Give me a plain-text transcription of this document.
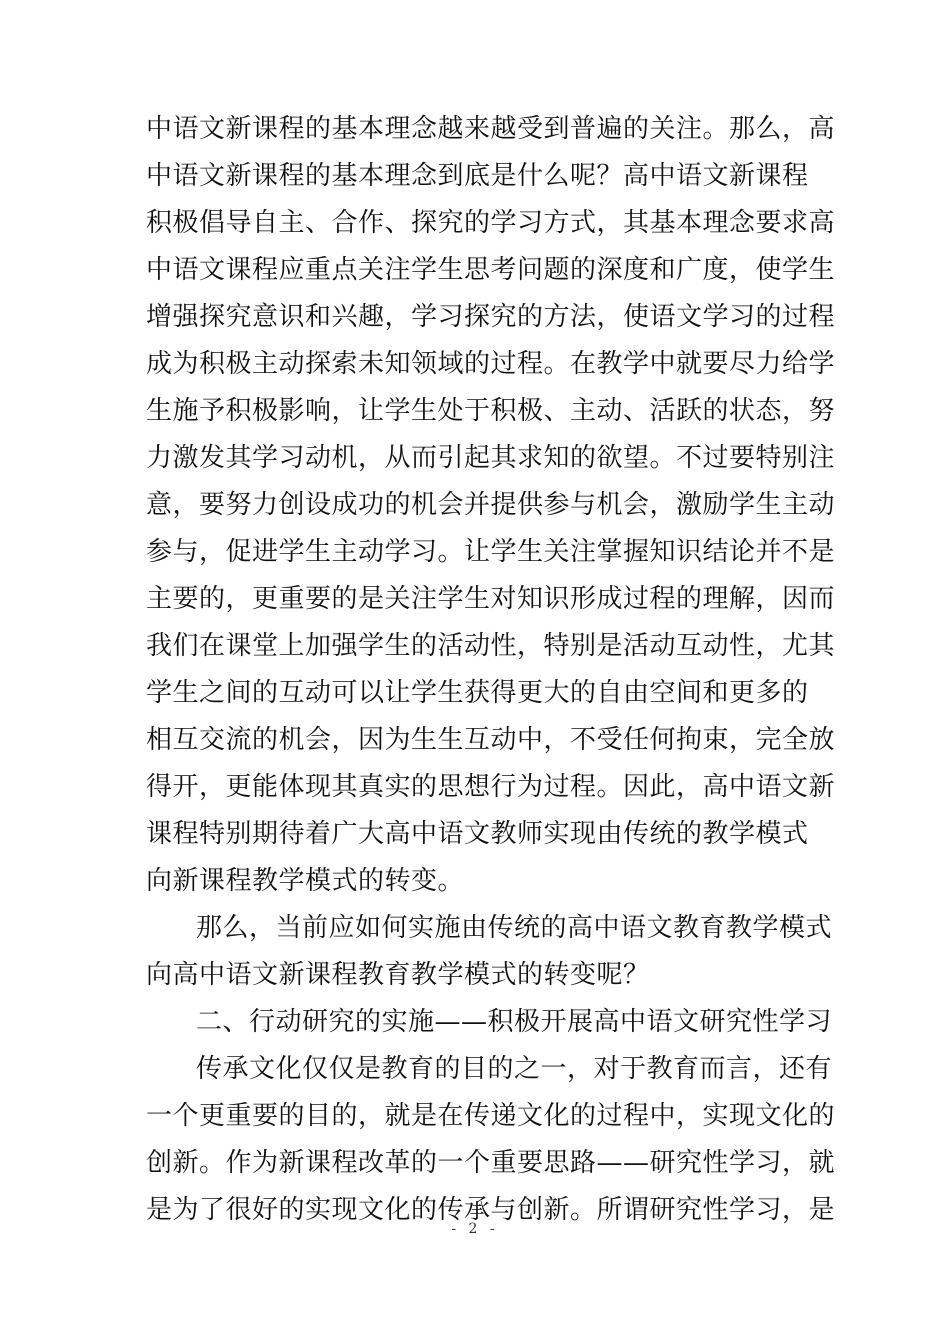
中语文新课程的基本理念越来越受到普遍的关注。那么，高
中语文新课程的基本理念到底是什么呢？高中语文新课程
积极倡导自主、合作、探究的学习方式，其基本理念要求高
中语文课程应重点关注学生思考问题的深度和广度，使学生
增强探究意识和兴趣，学习探究的方法，使语文学习的过程
成为积极主动探索未知领域的过程。在教学中就要尽力给学
生施予积极影响，让学生处于积极、主动、活跃的状态，努
力激发其学习动机，从而引起其求知的欲望。不过要特别注
意，要努力创设成功的机会并提供参与机会，激励学生主动
参与，促进学生主动学习。让学生关注掌握知识结论并不是
主要的，更重要的是关注学生对知识形成过程的理解，因而
我们在课堂上加强学生的活动性，特别是活动互动性，尤其
学生之间的互动可以让学生获得更大的自由空间和更多的
相互交流的机会，因为生生互动中，不受任何拘束，完全放
得开，更能体现其真实的思想行为过程。因此，高中语文新
课程特别期待着广大高中语文教师实现由传统的教学模式
向新课程教学模式的转变。
那么，当前应如何实施由传统的高中语文教育教学模式
向高中语文新课程教育教学模式的转变呢？
二、行动研究的实施——积极开展高中语文研究性学习
传承文化仅仅是教育的目的之一，对于教育而言，还有
一个更重要的目的，就是在传递文化的过程中，实现文化的
创新。作为新课程改革的一个重要思路——研究性学习，就
是为了很好的实现文化的传承与创新。所谓研究性学习，是
- 2 -
